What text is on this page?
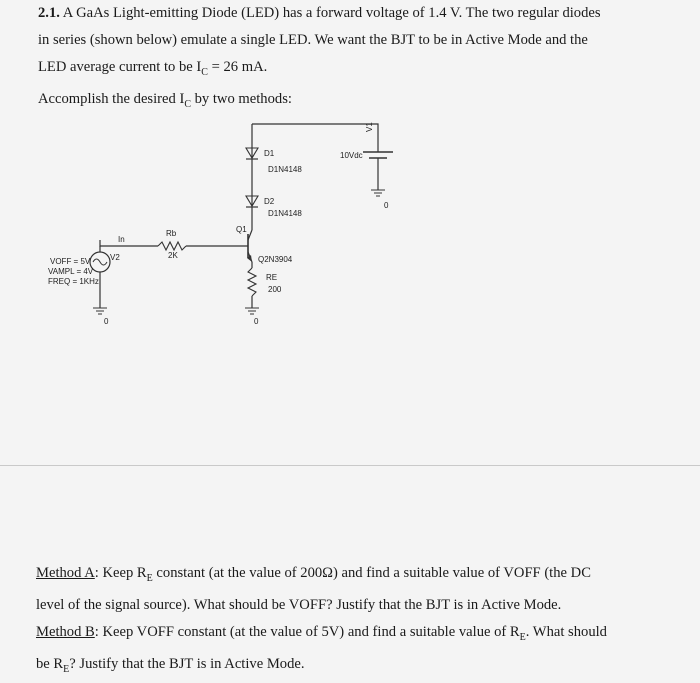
2.1. A GaAs Light-emitting Diode (LED) has a forward voltage of 1.4 V. The two regular diodes

in series (shown below) emulate a single LED. We want the BJT to be in Active Mode and the

LED average current to be $I_C = 26$ mA.

Accomplish the desired $I_C$ by two methods:

V1
10Vdc
0
D1
D1N4148
D2
D1N4148
Q1
Q2N3904
RE
200
0
In
Rb
2K
V2
VOFF = 5V
VAMPL = 4V
FREQ = 1KHz
0

Method A: Keep $R_E$ constant (at the value of 200Ω) and find a suitable value of VOFF (the DC

level of the signal source). What should be VOFF? Justify that the BJT is in Active Mode.

Method B: Keep VOFF constant (at the value of 5V) and find a suitable value of $R_E$. What should

be $R_E$? Justify that the BJT is in Active Mode.
